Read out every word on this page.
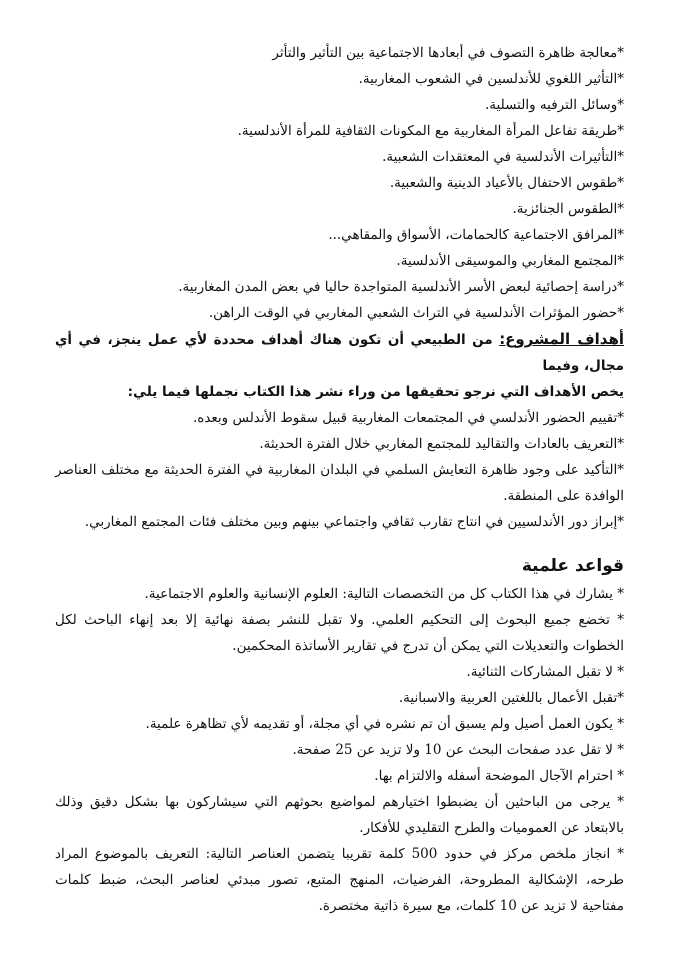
*معالجة ظاهرة التصوف في أبعادها الاجتماعية بين التأثير والتأثر
*التأثير اللغوي للأندلسين في الشعوب المغاربية.
*وسائل الترفيه والتسلية.
*طريقة تفاعل المرأة المغاربية مع المكونات الثقافية للمرأة الأندلسية.
*التأثيرات الأندلسية في المعتقدات الشعبية.
*طقوس الاحتفال بالأعياد الدينية والشعبية.
*الطقوس الجنائزية.
*المرافق الاجتماعية كالحمامات، الأسواق والمقاهي...
*المجتمع المغاربي والموسيقى الأندلسية.
*دراسة إحصائية لبعض الأسر الأندلسية المتواجدة حاليا في بعض المدن المغاربية.
*حضور المؤثرات الأندلسية في التراث الشعبي المغاربي في الوقت الراهن.
أهداف المشروع: من الطبيعي أن تكون هناك أهداف محددة لأي عمل ينجز، في أي مجال، وفيما
يخص الأهداف التي نرجو تحقيقها من وراء نشر هذا الكتاب نجملها فيما يلي:
*تقييم الحضور الأندلسي في المجتمعات المغاربية قبيل سقوط الأندلس وبعده.
*التعريف بالعادات والتقاليد للمجتمع المغاربي خلال الفترة الحديثة.
*التأكيد على وجود ظاهرة التعايش السلمي في البلدان المغاربية في الفترة الحديثة مع مختلف العناصر الوافدة على المنطقة.
*إبراز دور الأندلسيين في انتاج تقارب ثقافي واجتماعي بينهم وبين مختلف فئات المجتمع المغاربي.
قواعد علمية
* يشارك في هذا الكتاب كل من التخصصات التالية: العلوم الإنسانية والعلوم الاجتماعية.
* تخضع جميع البحوث إلى التحكيم العلمي. ولا تقبل للنشر بصفة نهائية إلا بعد إنهاء الباحث لكل الخطوات والتعديلات التي يمكن أن تدرج في تقارير الأساتذة المحكمين.
* لا تقبل المشاركات الثنائية.
*تقبل الأعمال باللغتين العربية والاسبانية.
* يكون العمل أصيل ولم يسبق أن تم نشره في أي مجلة، أو تقديمه لأي تظاهرة علمية.
* لا تقل عدد صفحات البحث عن 10 ولا تزيد عن 25 صفحة.
* احترام الآجال الموضحة أسفله والالتزام بها.
* يرجى من الباحثين أن يضبطوا اختيارهم لمواضيع بحوثهم التي سيشاركون بها بشكل دقيق وذلك بالابتعاد عن العموميات والطرح التقليدي للأفكار.
* انجاز ملخص مركز في حدود 500 كلمة تقريبا يتضمن العناصر التالية: التعريف بالموضوع المراد طرحه، الإشكالية المطروحة، الفرضيات، المنهج المتبع، تصور مبدئي لعناصر البحث، ضبط كلمات مفتاحية لا تزيد عن 10 كلمات، مع سيرة ذاتية مختصرة.
